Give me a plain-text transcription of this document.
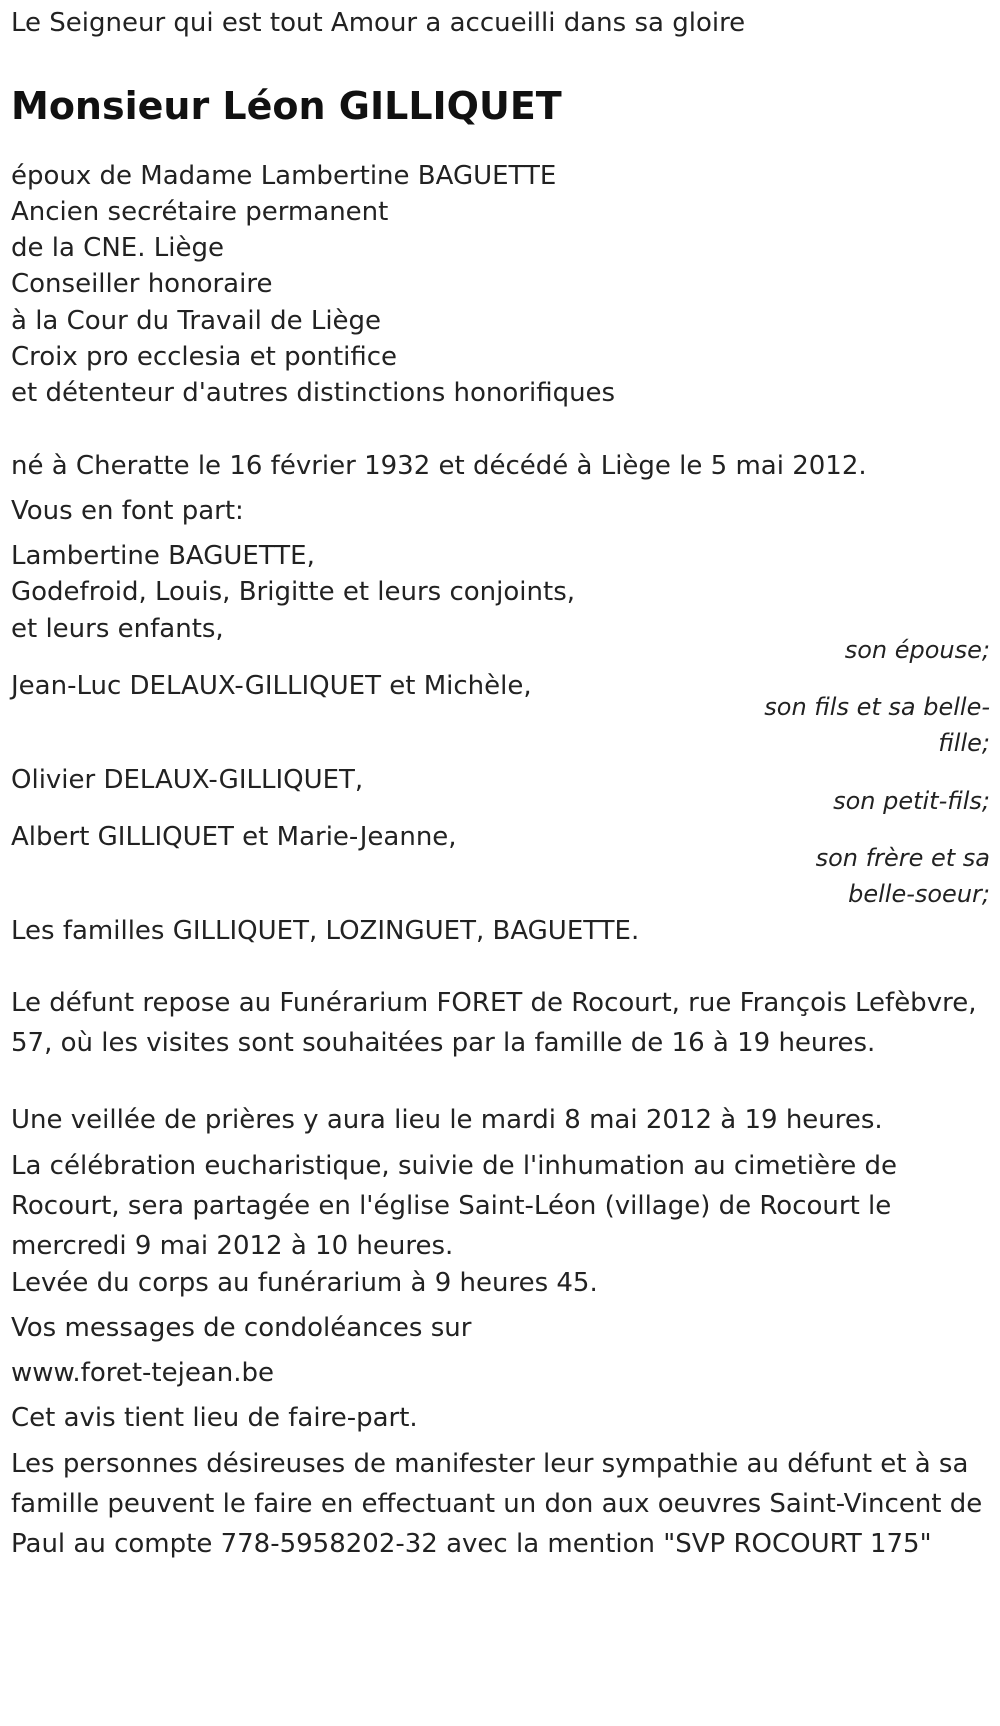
Le Seigneur qui est tout Amour a accueilli dans sa gloire

Monsieur Léon GILLIQUET

époux de Madame Lambertine BAGUETTE

Ancien secrétaire permanent

de la CNE. Liège

Conseiller honoraire

à la Cour du Travail de Liège

Croix pro ecclesia et pontifice

et détenteur d'autres distinctions honorifiques

né à Cheratte le 16 février 1932 et décédé à Liège le 5 mai 2012.

Vous en font part:

Lambertine BAGUETTE,

Godefroid, Louis, Brigitte et leurs conjoints,

et leurs enfants,

son épouse;

Jean-Luc DELAUX-GILLIQUET et Michèle,

son fils et sa belle-

fille;

Olivier DELAUX-GILLIQUET,

son petit-fils;

Albert GILLIQUET et Marie-Jeanne,

son frère et sa

belle-soeur;

Les familles GILLIQUET, LOZINGUET, BAGUETTE.

Le défunt repose au Funérarium FORET de Rocourt, rue François Lefèbvre, 57, où les visites sont souhaitées par la famille de 16 à 19 heures.

Une veillée de prières y aura lieu le mardi 8 mai 2012 à 19 heures.

La célébration eucharistique, suivie de l'inhumation au cimetière de Rocourt, sera partagée en l'église Saint-Léon (village) de Rocourt le mercredi 9 mai 2012 à 10 heures.

Levée du corps au funérarium à 9 heures 45.

Vos messages de condoléances sur

www.foret-tejean.be

Cet avis tient lieu de faire-part.

Les personnes désireuses de manifester leur sympathie au défunt et à sa famille peuvent le faire en effectuant un don aux oeuvres Saint-Vincent de Paul au compte 778-5958202-32 avec la mention "SVP ROCOURT 175"
